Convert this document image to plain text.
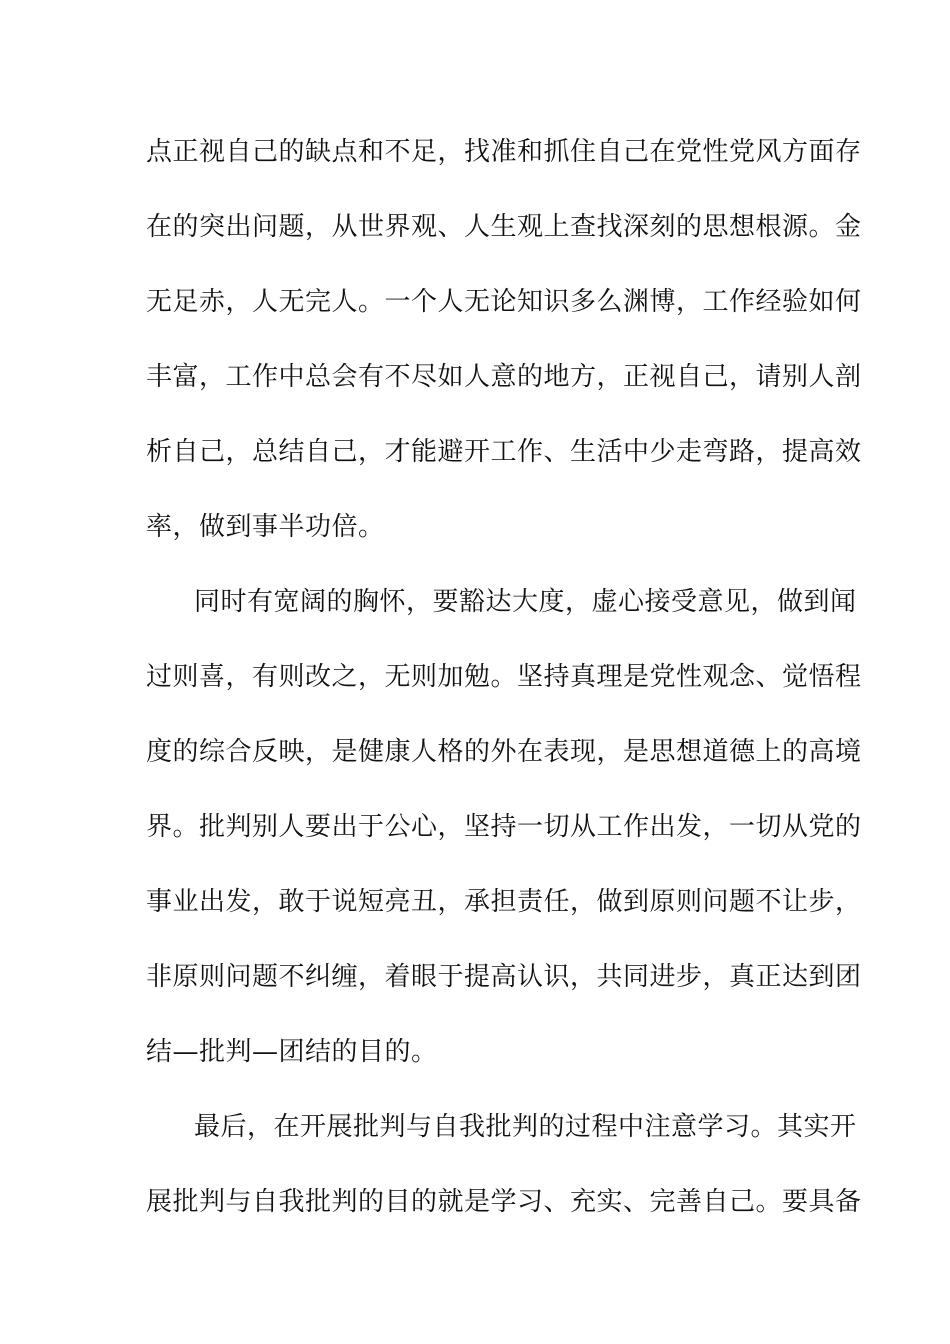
点正视自己的缺点和不足，找准和抓住自己在党性党风方面存
在的突出问题，从世界观、人生观上查找深刻的思想根源。金
无足赤，人无完人。一个人无论知识多么渊博，工作经验如何
丰富，工作中总会有不尽如人意的地方，正视自己，请别人剖
析自己，总结自己，才能避开工作、生活中少走弯路，提高效
率，做到事半功倍。
同时有宽阔的胸怀，要豁达大度，虚心接受意见，做到闻
过则喜，有则改之，无则加勉。坚持真理是党性观念、觉悟程
度的综合反映，是健康人格的外在表现，是思想道德上的高境
界。批判别人要出于公心，坚持一切从工作出发，一切从党的
事业出发，敢于说短亮丑，承担责任，做到原则问题不让步，
非原则问题不纠缠，着眼于提高认识，共同进步，真正达到团
结—批判—团结的目的。
最后，在开展批判与自我批判的过程中注意学习。其实开
展批判与自我批判的目的就是学习、充实、完善自己。要具备
